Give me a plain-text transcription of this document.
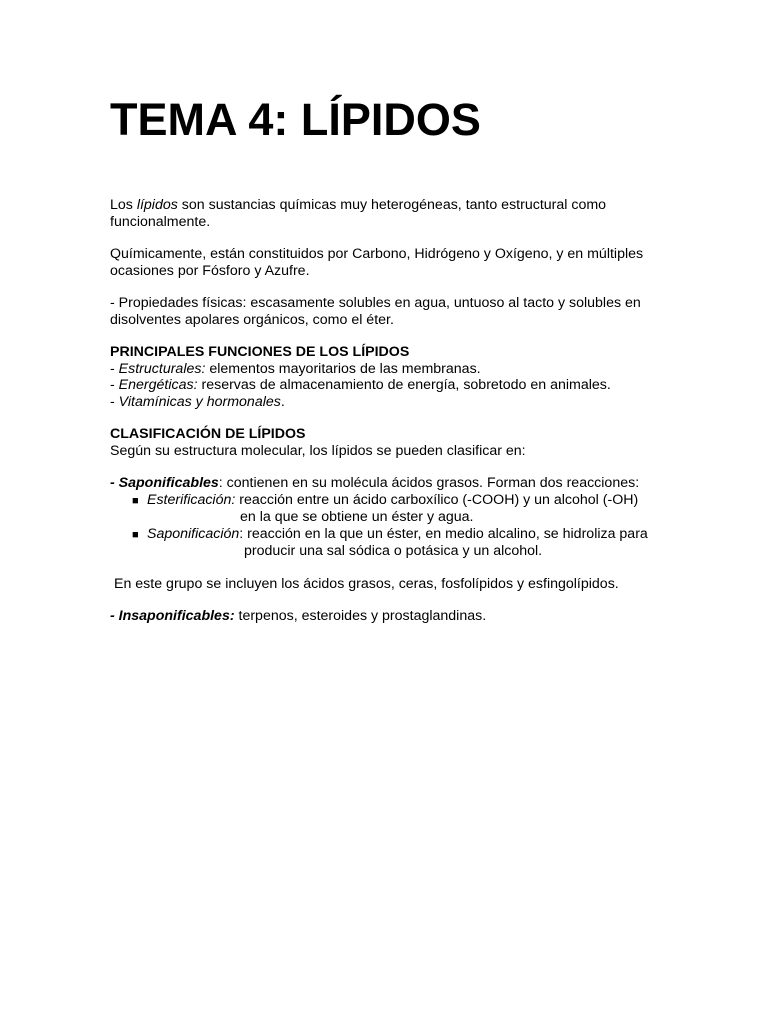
TEMA 4: LÍPIDOS

Los lípidos son sustancias químicas muy heterogéneas, tanto estructural como
funcionalmente.

Químicamente, están constituidos por Carbono, Hidrógeno y Oxígeno, y en múltiples
ocasiones por Fósforo y Azufre.

- Propiedades físicas: escasamente solubles en agua, untuoso al tacto y solubles en
disolventes apolares orgánicos, como el éter.

PRINCIPALES FUNCIONES DE LOS LÍPIDOS

- Estructurales: elementos mayoritarios de las membranas.

- Energéticas: reservas de almacenamiento de energía, sobretodo en animales.

- Vitamínicas y hormonales.

CLASIFICACIÓN DE LÍPIDOS

Según su estructura molecular, los lípidos se pueden clasificar en:

- Saponificables: contienen en su molécula ácidos grasos. Forman dos reacciones:

■ Esterificación: reacción entre un ácido carboxílico (-COOH) y un alcohol (-OH)

en la que se obtiene un éster y agua.

■ Saponificación: reacción en la que un éster, en medio alcalino, se hidroliza para

producir una sal sódica o potásica y un alcohol.

En este grupo se incluyen los ácidos grasos, ceras, fosfolípidos y esfingolípidos.

- Insaponificables: terpenos, esteroides y prostaglandinas.
